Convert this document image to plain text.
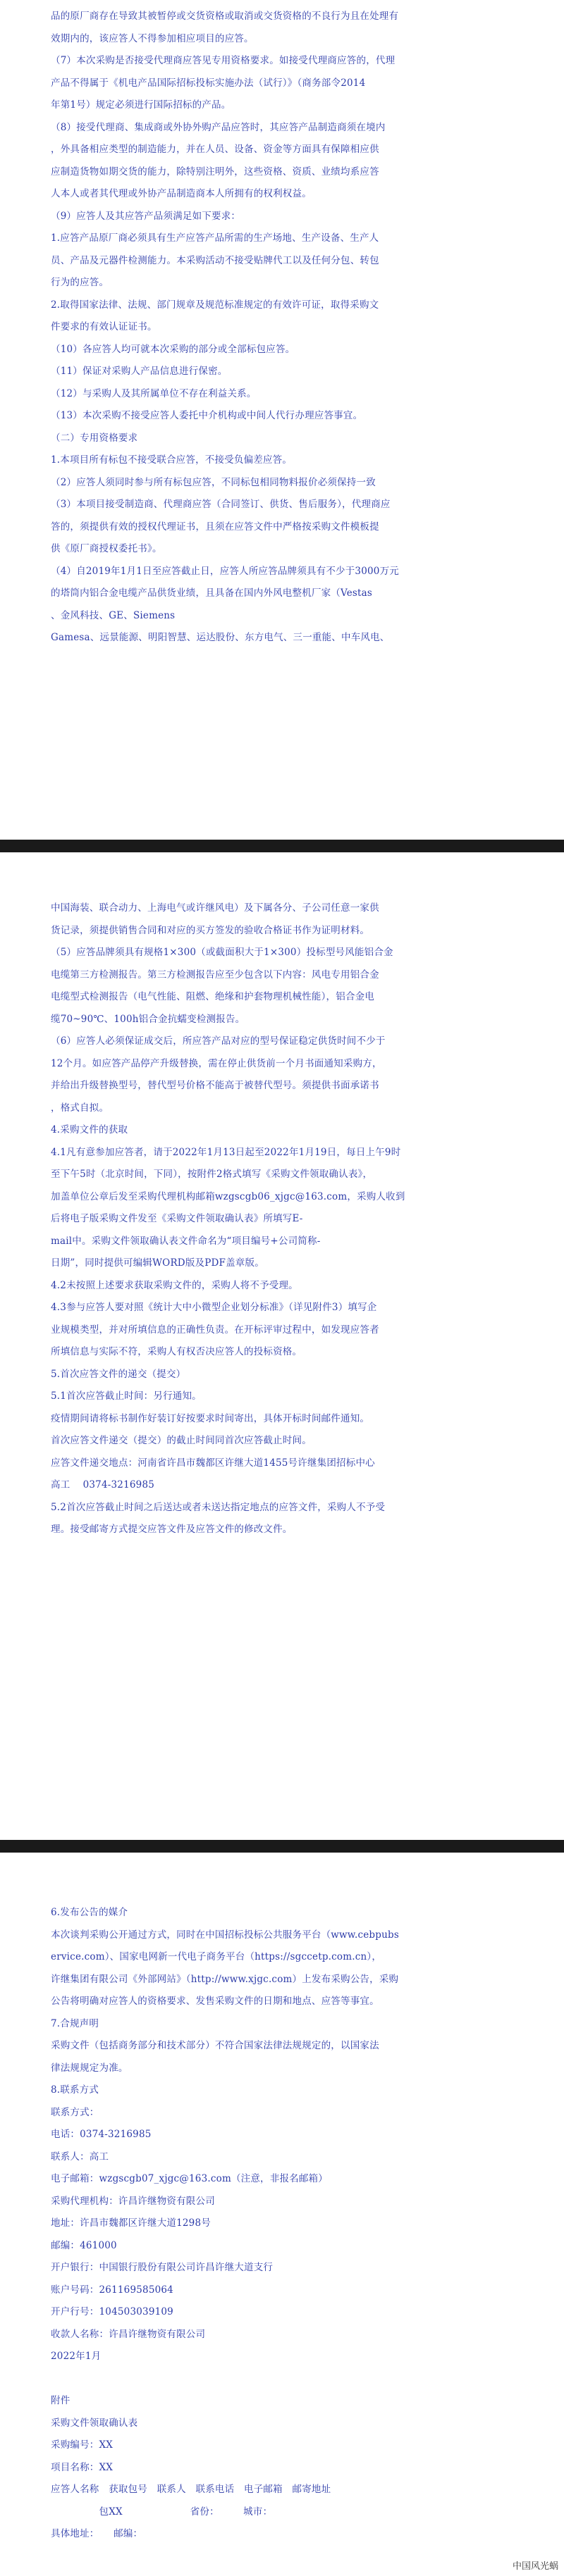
品的原厂商存在导致其被暂停或交货资格或取消或交货资格的不良行为且在处理有
效期内的，该应答人不得参加相应项目的应答。
（7）本次采购是否接受代理商应答见专用资格要求。如接受代理商应答的，代理
产品不得属于《机电产品国际招标投标实施办法（试行）》（商务部令2014
年第1号）规定必须进行国际招标的产品。
（8）接受代理商、集成商或外协外购产品应答时，其应答产品制造商须在境内
，外具备相应类型的制造能力，并在人员、设备、资金等方面具有保障相应供
应制造货物如期交货的能力，除特别注明外，这些资格、资质、业绩均系应答
人本人或者其代理或外协产品制造商本人所拥有的权利权益。
（9）应答人及其应答产品须满足如下要求：
1.应答产品原厂商必须具有生产应答产品所需的生产场地、生产设备、生产人
员、产品及元器件检测能力。本采购活动不接受贴牌代工以及任何分包、转包
行为的应答。
2.取得国家法律、法规、部门规章及规范标准规定的有效许可证，取得采购文
件要求的有效认证证书。
（10）各应答人均可就本次采购的部分或全部标包应答。
（11）保证对采购人产品信息进行保密。
（12）与采购人及其所属单位不存在利益关系。
（13）本次采购不接受应答人委托中介机构或中间人代行办理应答事宜。
（二）专用资格要求
1.本项目所有标包不接受联合应答，不接受负偏差应答。
（2）应答人须同时参与所有标包应答，不同标包相同物料报价必须保持一致
（3）本项目接受制造商、代理商应答（合同签订、供货、售后服务），代理商应
答的，须提供有效的授权代理证书，且须在应答文件中严格按采购文件模板提
供《原厂商授权委托书》。
（4）自2019年1月1日至应答截止日，应答人所应答品牌须具有不少于3000万元
的塔筒内铝合金电缆产品供货业绩，且具备在国内外风电整机厂家（Vestas
、金风科技、GE、Siemens
Gamesa、远景能源、明阳智慧、运达股份、东方电气、三一重能、中车风电、
中国海装、联合动力、上海电气或许继风电）及下属各分、子公司任意一家供
货记录，须提供销售合同和对应的买方签发的验收合格证书作为证明材料。
（5）应答品牌须具有规格1×300（或截面积大于1×300）投标型号风能铝合金
电缆第三方检测报告。第三方检测报告应至少包含以下内容：风电专用铝合金
电缆型式检测报告（电气性能、阻燃、绝缘和护套物理机械性能），铝合金电
缆70~90℃、100h铝合金抗蠕变检测报告。
（6）应答人必须保证成交后，所应答产品对应的型号保证稳定供货时间不少于
12个月。如应答产品停产升级替换，需在停止供货前一个月书面通知采购方，
并给出升级替换型号，替代型号价格不能高于被替代型号。须提供书面承诺书
，格式自拟。
4.采购文件的获取
4.1凡有意参加应答者，请于2022年1月13日起至2022年1月19日，每日上午9时
至下午5时（北京时间，下同），按附件2格式填写《采购文件领取确认表》，
加盖单位公章后发至采购代理机构邮箱wzgscgb06_xjgc@163.com，采购人收到
后将电子版采购文件发至《采购文件领取确认表》所填写E-
mail中。采购文件领取确认表文件命名为“项目编号+公司简称-
日期”，同时提供可编辑WORD版及PDF盖章版。
4.2未按照上述要求获取采购文件的，采购人将不予受理。
4.3参与应答人要对照《统计大中小微型企业划分标准》（详见附件3）填写企
业规模类型，并对所填信息的正确性负责。在开标评审过程中，如发现应答者
所填信息与实际不符，采购人有权否决应答人的投标资格。
5.首次应答文件的递交（提交）
5.1首次应答截止时间：另行通知。
疫情期间请将标书制作好装订好按要求时间寄出，具体开标时间邮件通知。
首次应答文件递交（提交）的截止时间同首次应答截止时间。
应答文件递交地点：河南省许昌市魏都区许继大道1455号许继集团招标中心
高工　 0374-3216985
5.2首次应答截止时间之后送达或者未送达指定地点的应答文件，采购人不予受
理。接受邮寄方式提交应答文件及应答文件的修改文件。
6.发布公告的媒介
本次谈判采购公开通过方式，同时在中国招标投标公共服务平台（www.cebpubs
ervice.com）、国家电网新一代电子商务平台（https://sgccetp.com.cn），
许继集团有限公司《外部网站》（http://www.xjgc.com）上发布采购公告，采购
公告将明确对应答人的资格要求、发售采购文件的日期和地点、应答等事宜。
7.合规声明
采购文件（包括商务部分和技术部分）不符合国家法律法规规定的，以国家法
律法规规定为准。
8.联系方式
联系方式：
电话：0374-3216985
联系人：高工
电子邮箱：wzgscgb07_xjgc@163.com（注意，非报名邮箱）
采购代理机构：许昌许继物资有限公司
地址：许昌市魏都区许继大道1298号
邮编：461000
开户银行：中国银行股份有限公司许昌许继大道支行
账户号码：261169585064
开户行号：104503039109
收款人名称：许昌许继物资有限公司
2022年1月
附件
采购文件领取确认表
采购编号：XX
项目名称：XX
应答人名称　获取包号　联系人　联系电话　电子邮箱　邮寄地址
　　　　　包XX　　　　　　　省份：　　　城市：
具体地址：　　邮编：
中国风光蜗
